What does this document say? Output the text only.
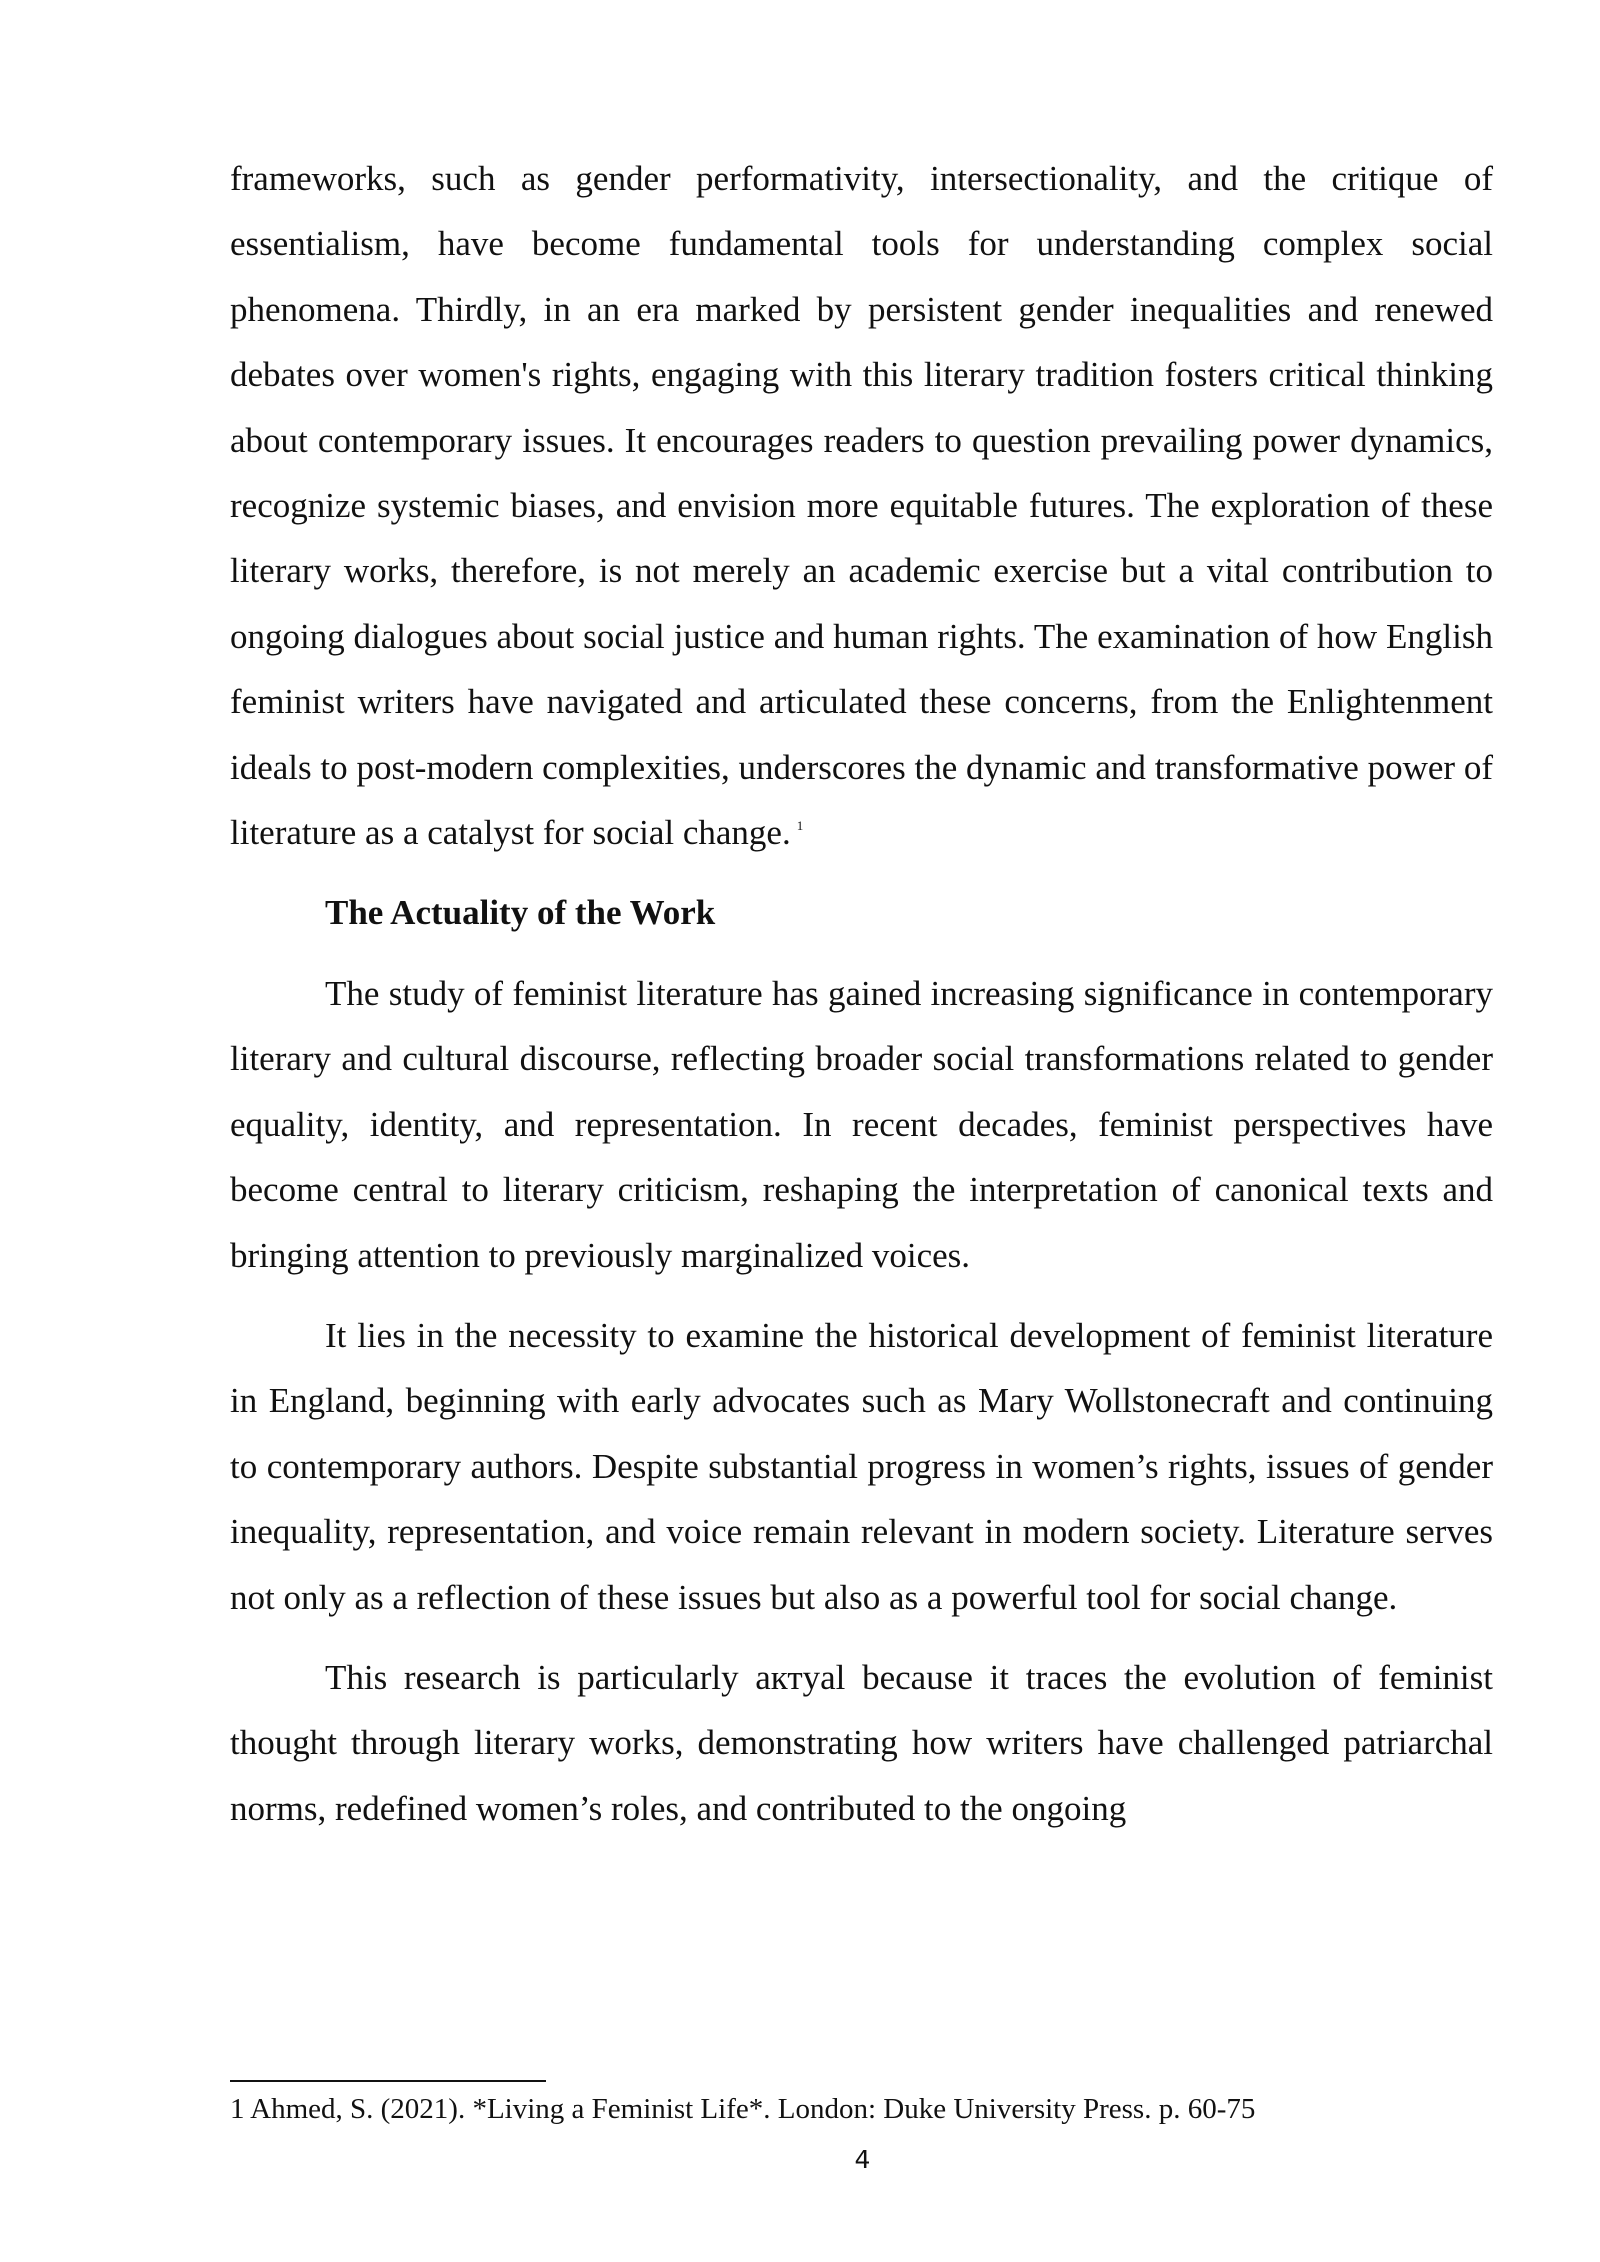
frameworks, such as gender performativity, intersectionality, and the critique of essentialism, have become fundamental tools for understanding complex social phenomena. Thirdly, in an era marked by persistent gender inequalities and renewed debates over women's rights, engaging with this literary tradition fosters critical thinking about contemporary issues. It encourages readers to question prevailing power dynamics, recognize systemic biases, and envision more equitable futures. The exploration of these literary works, therefore, is not merely an academic exercise but a vital contribution to ongoing dialogues about social justice and human rights. The examination of how English feminist writers have navigated and articulated these concerns, from the Enlightenment ideals to post-modern complexities, underscores the dynamic and transformative power of literature as a catalyst for social change. $^1$

The Actuality of the Work

The study of feminist literature has gained increasing significance in contemporary literary and cultural discourse, reflecting broader social transformations related to gender equality, identity, and representation. In recent decades, feminist perspectives have become central to literary criticism, reshaping the interpretation of canonical texts and bringing attention to previously marginalized voices.

It lies in the necessity to examine the historical development of feminist literature in England, beginning with early advocates such as Mary Wollstonecraft and continuing to contemporary authors. Despite substantial progress in women’s rights, issues of gender inequality, representation, and voice remain relevant in modern society. Literature serves not only as a reflection of these issues but also as a powerful tool for social change.

This research is particularly актyal because it traces the evolution of feminist thought through literary works, demonstrating how writers have challenged patriarchal norms, redefined women’s roles, and contributed to the ongoing

1 Ahmed, S. (2021). *Living a Feminist Life*. London: Duke University Press. p. 60-75

4
